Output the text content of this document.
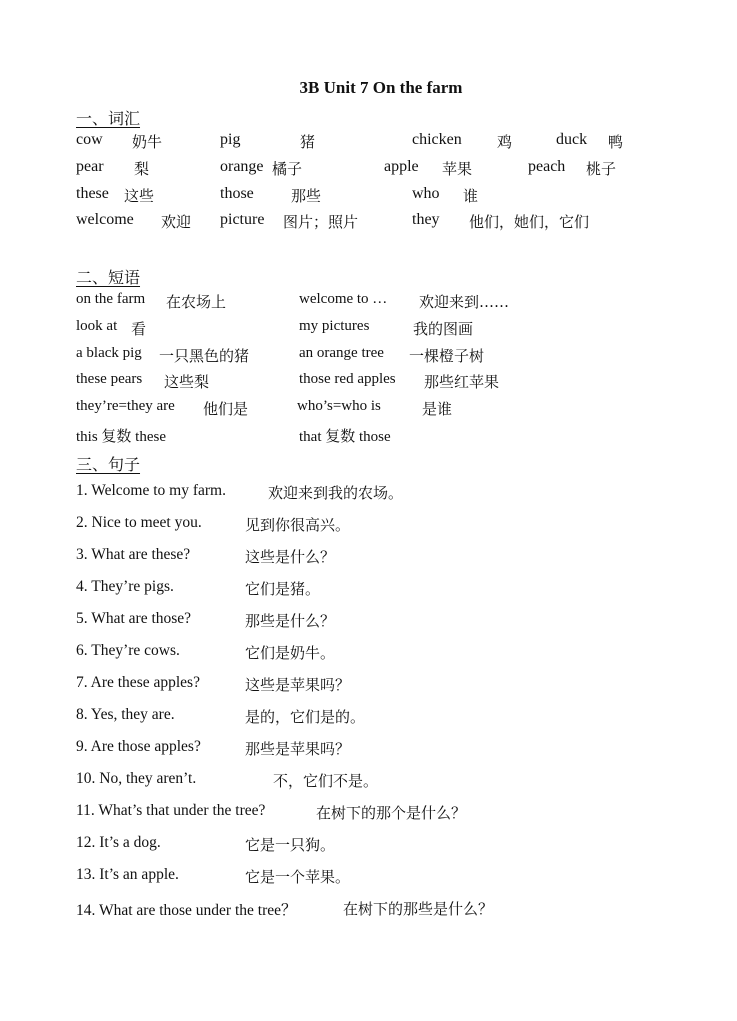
3B Unit 7 On the farm
一、词汇
cow 奶牛	pig	猪	chicken 鸡	duck 鸭
pear 梨	orange 橘子	apple 苹果	peach 桃子
these 这些	those 那些	who 谁
welcome 欢迎 picture 图片；照片	they 他们，她们，它们
二、短语
on the farm 在农场上	welcome to … 欢迎来到……
look at 看	my pictures	我的图画
a black pig 一只黑色的猪	an orange tree 一棵橙子树
these pears 这些梨	those red apples 那些红苹果
they’re=they are 他们是	who’s=who is	是谁
this 复数 these	that 复数 those
三、句子
1. Welcome to my farm.	欢迎来到我的农场。
2. Nice to meet you.	见到你很高兴。
3. What are these?	这些是什么？
4. They’re pigs.	它们是猪。
5. What are those?	那些是什么？
6. They’re cows.	它们是奶牛。
7. Are these apples?	这些是苹果吗？
8. Yes, they are.	是的，它们是的。
9. Are those apples?	那些是苹果吗？
10. No, they aren’t.	不，它们不是。
11. What’s that under the tree?	在树下的那个是什么？
12. It’s a dog.	它是一只狗。
13. It’s an apple.	它是一个苹果。
14. What are those under the tree？	在树下的那些是什么？
